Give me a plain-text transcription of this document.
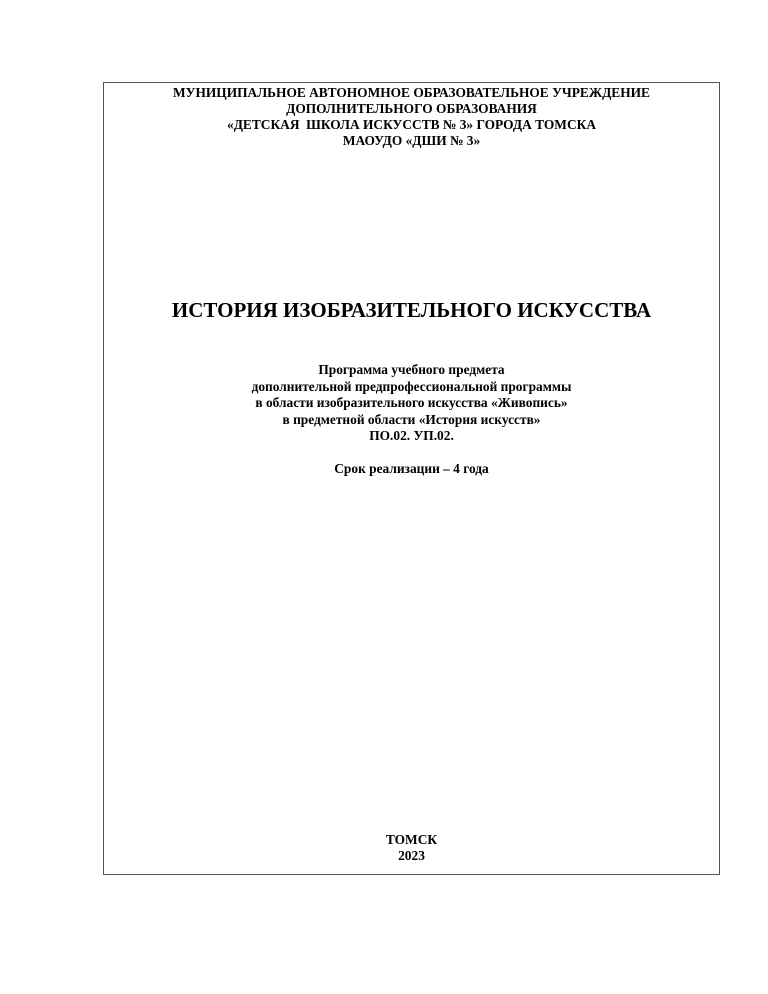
МУНИЦИПАЛЬНОЕ АВТОНОМНОЕ ОБРАЗОВАТЕЛЬНОЕ УЧРЕЖДЕНИЕ
ДОПОЛНИТЕЛЬНОГО ОБРАЗОВАНИЯ
«ДЕТСКАЯ  ШКОЛА ИСКУССТВ № 3» ГОРОДА ТОМСКА
МАОУДО «ДШИ № 3»
ИСТОРИЯ ИЗОБРАЗИТЕЛЬНОГО ИСКУССТВА
Программа учебного предмета
дополнительной предпрофессиональной программы
в области изобразительного искусства «Живопись»
в предметной области «История искусств»
ПО.02. УП.02.
Срок реализации – 4 года
ТОМСК
2023
